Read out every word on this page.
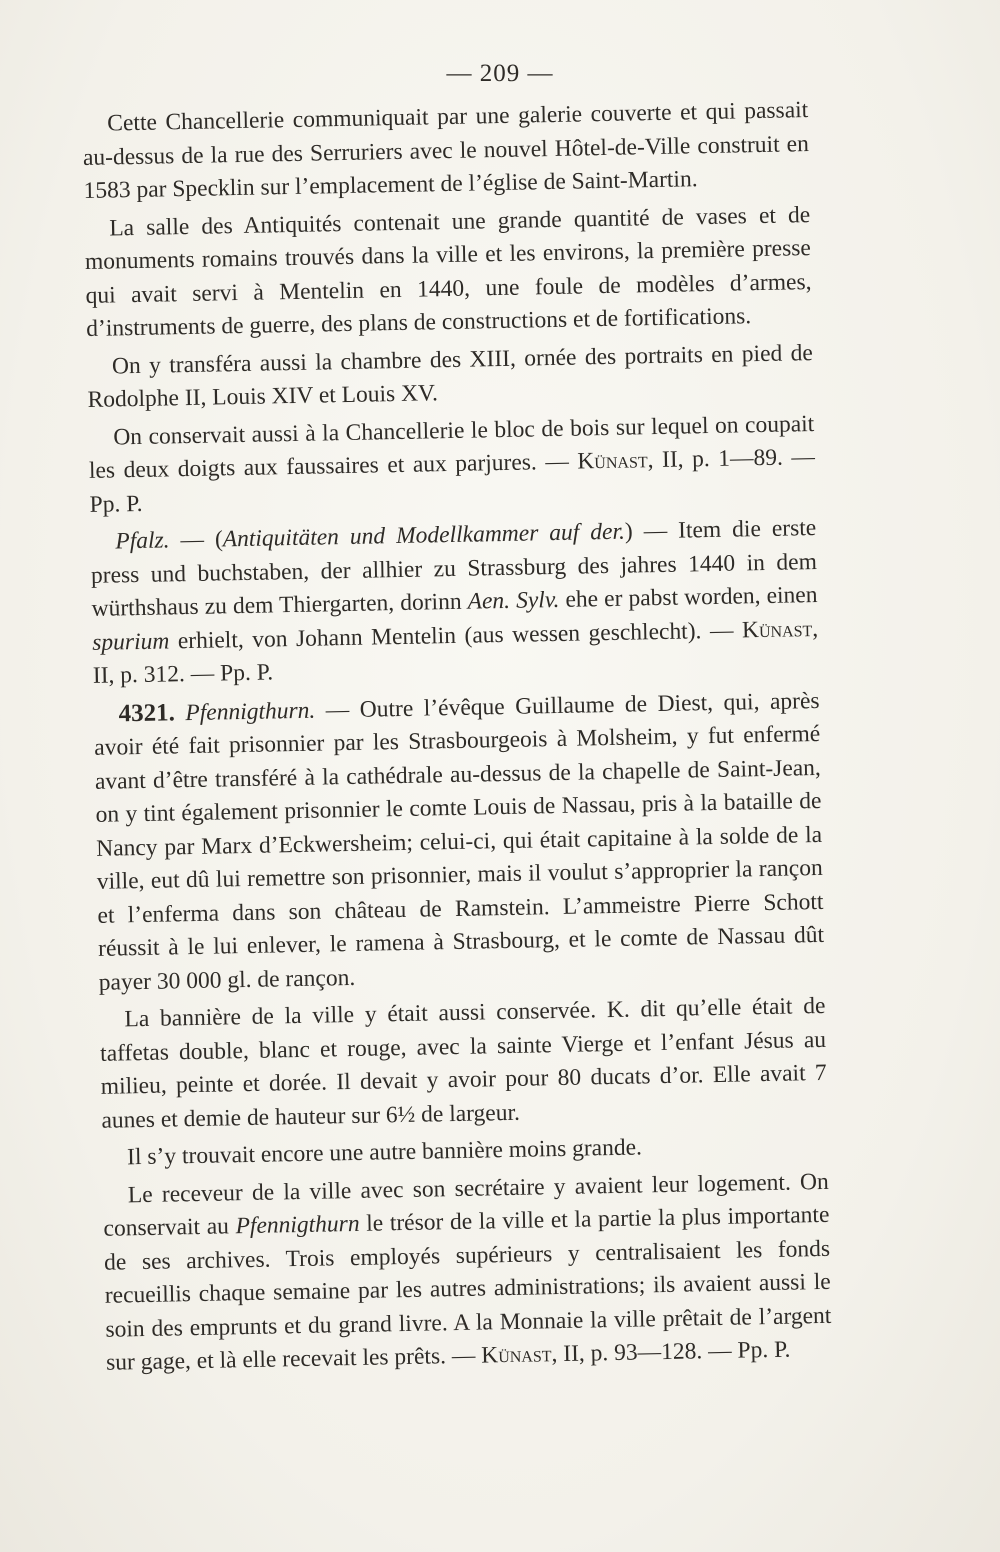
— 209 —

Cette Chancellerie communiquait par une galerie couverte et qui passait au-dessus de la rue des Serruriers avec le nouvel Hôtel-de-Ville construit en 1583 par Specklin sur l’emplacement de l’église de Saint-Martin.

La salle des Antiquités contenait une grande quantité de vases et de monuments romains trouvés dans la ville et les environs, la première presse qui avait servi à Mentelin en 1440, une foule de modèles d’armes, d’instruments de guerre, des plans de constructions et de fortifications.

On y transféra aussi la chambre des XIII, ornée des portraits en pied de Rodolphe II, Louis XIV et Louis XV.

On conservait aussi à la Chancellerie le bloc de bois sur lequel on coupait les deux doigts aux faussaires et aux parjures. — Künast, II, p. 1—89. — Pp. P.

Pfalz. — (Antiquitäten und Modellkammer auf der.) — Item die erste press und buchstaben, der allhier zu Strassburg des jahres 1440 in dem würthshaus zu dem Thiergarten, dorinn Aen. Sylv. ehe er pabst worden, einen spurium erhielt, von Johann Mentelin (aus wessen geschlecht). — Künast, II, p. 312. — Pp. P.

4321. Pfennigthurn. — Outre l’évêque Guillaume de Diest, qui, après avoir été fait prisonnier par les Strasbourgeois à Molsheim, y fut enfermé avant d’être transféré à la cathédrale au-dessus de la chapelle de Saint-Jean, on y tint également prisonnier le comte Louis de Nassau, pris à la bataille de Nancy par Marx d’Eckwersheim; celui-ci, qui était capitaine à la solde de la ville, eut dû lui remettre son prisonnier, mais il voulut s’approprier la rançon et l’enferma dans son château de Ramstein. L’ammeistre Pierre Schott réussit à le lui enlever, le ramena à Strasbourg, et le comte de Nassau dût payer 30 000 gl. de rançon.

La bannière de la ville y était aussi conservée. K. dit qu’elle était de taffetas double, blanc et rouge, avec la sainte Vierge et l’enfant Jésus au milieu, peinte et dorée. Il devait y avoir pour 80 ducats d’or. Elle avait 7 aunes et demie de hauteur sur 6½ de largeur.

Il s’y trouvait encore une autre bannière moins grande.

Le receveur de la ville avec son secrétaire y avaient leur logement. On conservait au Pfennigthurn le trésor de la ville et la partie la plus importante de ses archives. Trois employés supérieurs y centralisaient les fonds recueillis chaque semaine par les autres administrations; ils avaient aussi le soin des emprunts et du grand livre. A la Monnaie la ville prêtait de l’argent sur gage, et là elle recevait les prêts. — Künast, II, p. 93—128. — Pp. P.
